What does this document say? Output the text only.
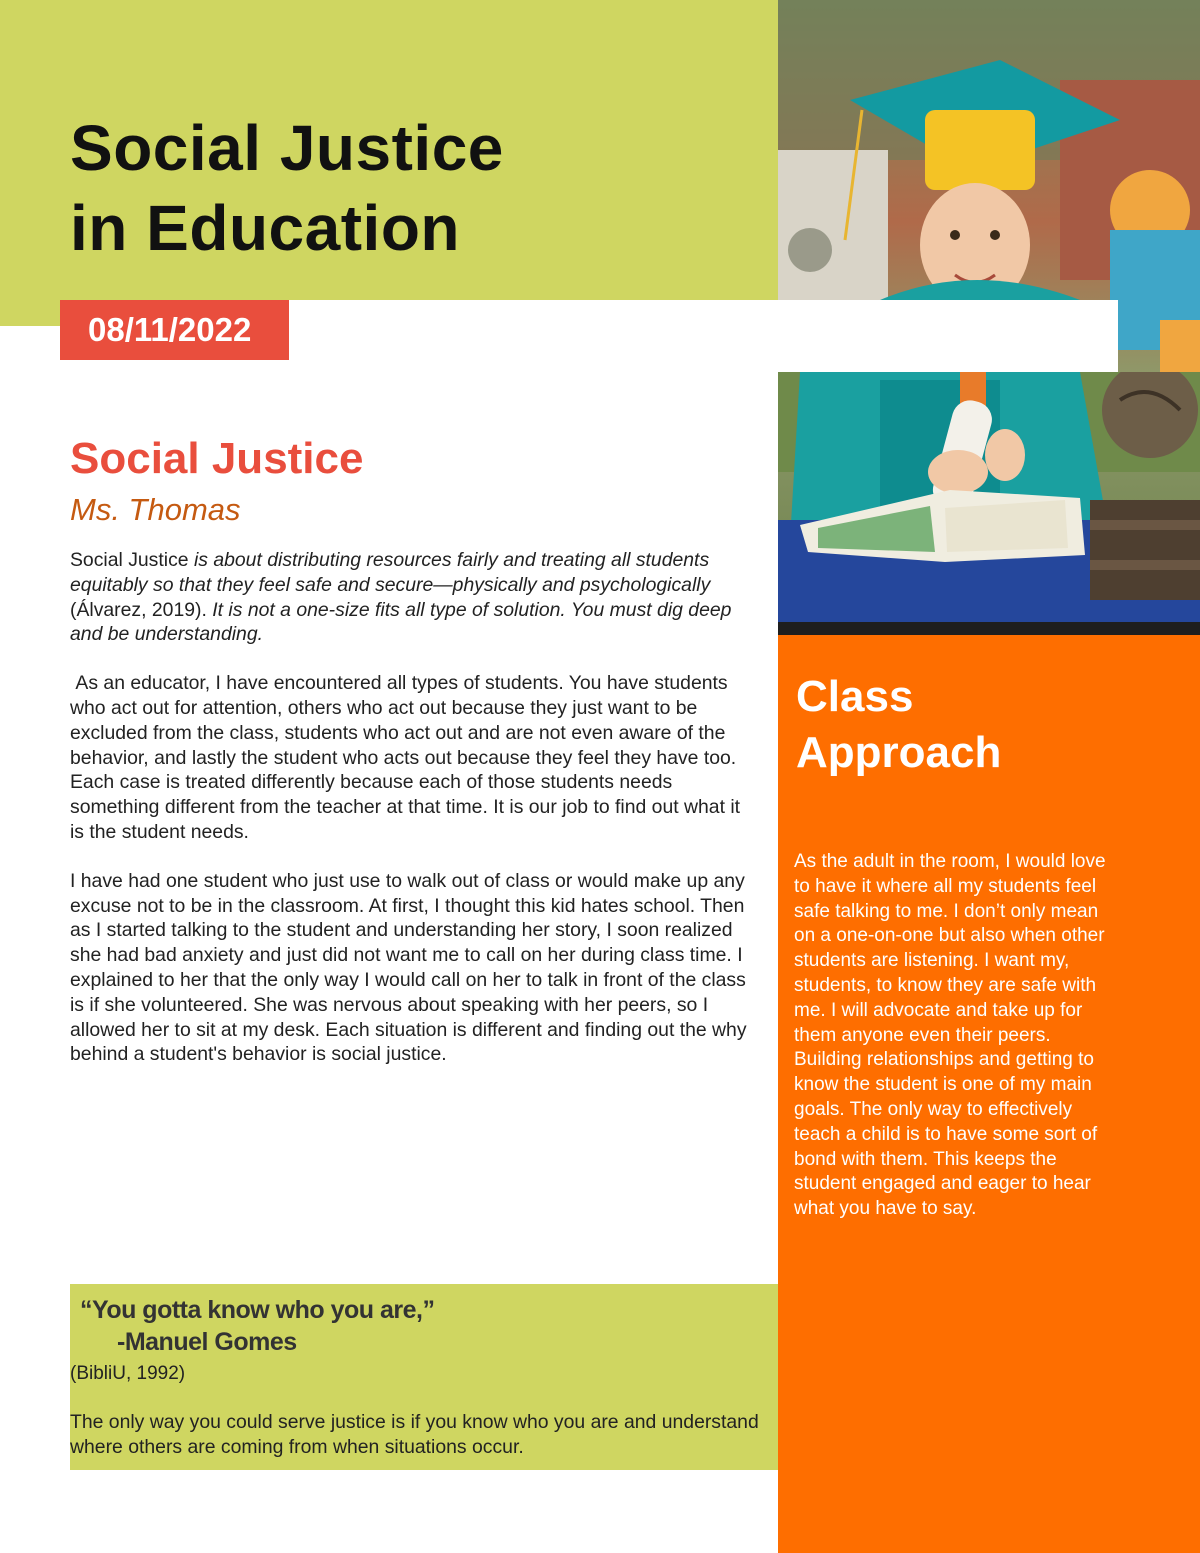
Social Justice
in Education
08/11/2022
Class
Approach

As the adult in the room, I would love to have it where all my students feel safe talking to me. I don’t only mean on a one-on-one but also when other students are listening. I want my, students, to know they are safe with me. I will advocate and take up for them anyone even their peers. Building relationships and getting to know the student is one of my main goals. The only way to effectively teach a child is to have some sort of bond with them. This keeps the student engaged and eager to hear what you have to say.

Social Justice
Ms. Thomas

Social Justice is about distributing resources fairly and treating all students equitably so that they feel safe and secure—physically and psychologically (Álvarez, 2019). It is not a one-size fits all type of solution. You must dig deep and be understanding.

As an educator, I have encountered all types of students. You have students who act out for attention, others who act out because they just want to be excluded from the class, students who act out and are not even aware of the behavior, and lastly the student who acts out because they feel they have too.  Each case is treated differently because each of those students needs something different from the teacher at that time. It is our job to find out what it is the student needs.

I have had one student who just use to walk out of class or would make up any excuse not to be in the classroom. At first, I thought this kid hates school. Then as I started talking to the student and understanding her story, I soon realized she had bad anxiety and just did not want me to call on her during class time. I explained to her that the only way I would call on her to talk in front of the class is if she volunteered. She was nervous about speaking with her peers, so I allowed her to sit at my desk. Each situation is different and finding out the why behind a student's behavior is social justice.

“You gotta know who you are,”
-Manuel Gomes
(BibliU, 1992)

The only way you could serve justice is if you know who you are and understand where others are coming from when situations occur.
